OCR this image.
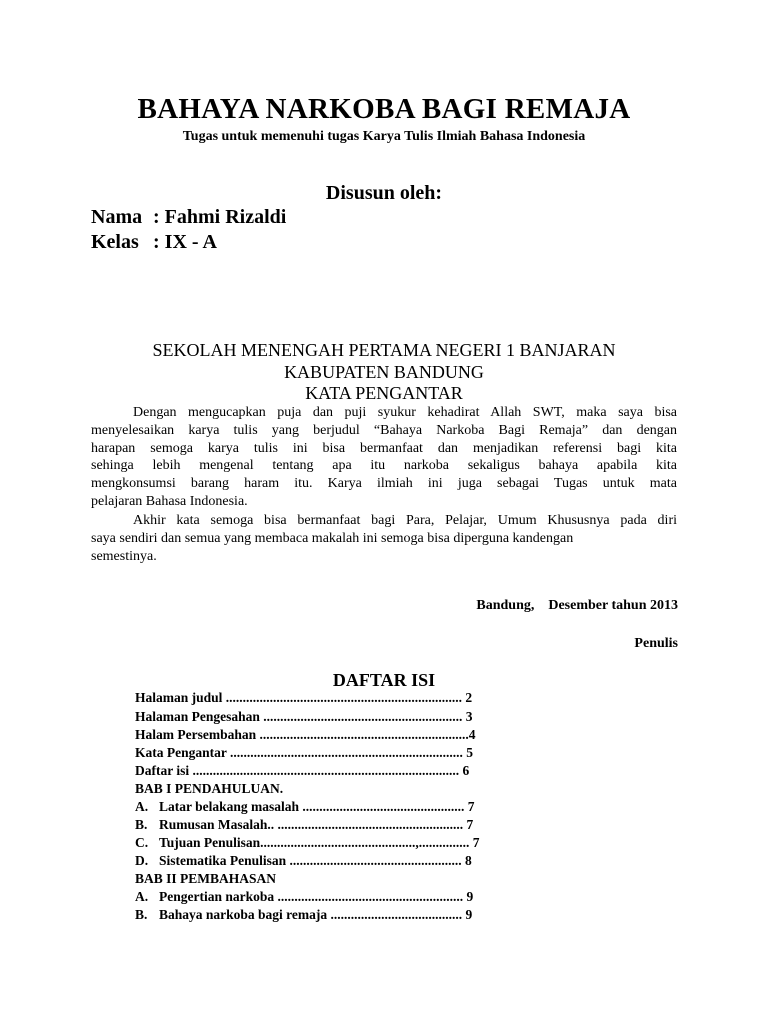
BAHAYA NARKOBA BAGI REMAJA
Tugas untuk memenuhi tugas Karya Tulis Ilmiah Bahasa Indonesia
Disusun oleh:
Nama : Fahmi Rizaldi
Kelas : IX - A
SEKOLAH MENENGAH PERTAMA NEGERI 1 BANJARAN
KABUPATEN BANDUNG
KATA PENGANTAR
Dengan mengucapkan puja dan puji syukur kehadirat Allah SWT, maka saya bisa
menyelesaikan karya tulis yang berjudul “Bahaya Narkoba Bagi Remaja” dan dengan
harapan semoga karya tulis ini bisa bermanfaat dan menjadikan referensi bagi kita
sehinga lebih mengenal tentang apa itu narkoba sekaligus bahaya apabila kita
mengkonsumsi barang haram itu. Karya ilmiah ini juga sebagai Tugas untuk mata
pelajaran Bahasa Indonesia.
Akhir kata semoga bisa bermanfaat bagi Para, Pelajar, Umum Khususnya pada diri
saya sendiri dan semua yang membaca makalah ini semoga bisa diperguna kandengan
semestinya.
Bandung,    Desember tahun 2013
Penulis
DAFTAR ISI
Halaman judul ...................................................................... 2
Halaman Pengesahan ........................................................... 3
Halam Persembahan ..............................................................4
Kata Pengantar ..................................................................... 5
Daftar isi ............................................................................... 6
BAB I PENDAHULUAN.
A. Latar belakang masalah ................................................ 7
B. Rumusan Masalah.. ....................................................... 7
C. Tujuan Penulisan..............................................,............... 7
D. Sistematika Penulisan ................................................... 8
BAB II PEMBAHASAN
A. Pengertian narkoba ....................................................... 9
B. Bahaya narkoba bagi remaja ....................................... 9
